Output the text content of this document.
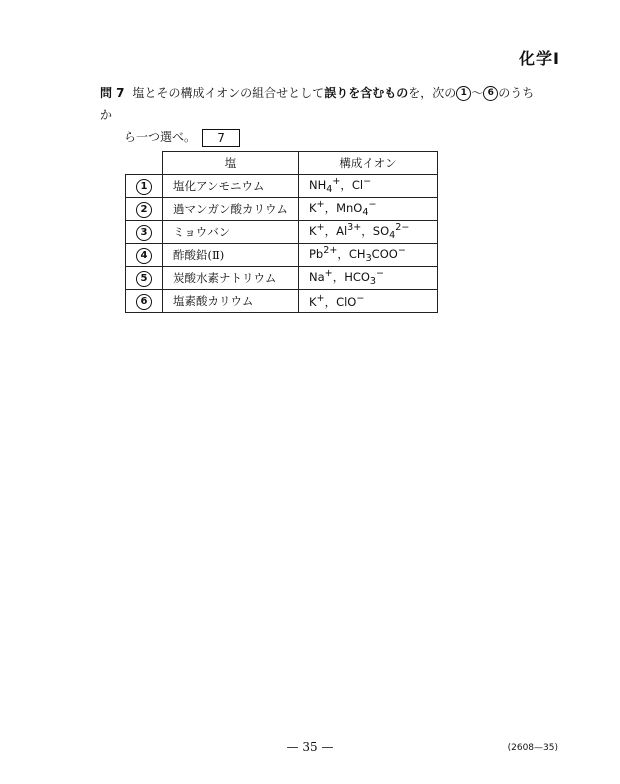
化学Ⅰ
問 7 塩とその構成イオンの組合せとして誤りを含むものを，次の 1 〜 6 のうちか
ら一つ選べ。 7
	塩	構成イオン
1	塩化アンモニウム	$NH_4^+$，Cl−
2	過マンガン酸カリウム	K+，MnO$_4$−
3	ミョウバン	K+，$Al^{3+}$，$SO_4^{2-}$
4	酢酸鉛(Ⅱ)	$Pb^{2+}$，$CH_3COO^-$
5	炭酸水素ナトリウム	Na+，$HCO_3^-$
6	塩素酸カリウム	K+，ClO−
— 35 —	(2608—35)
